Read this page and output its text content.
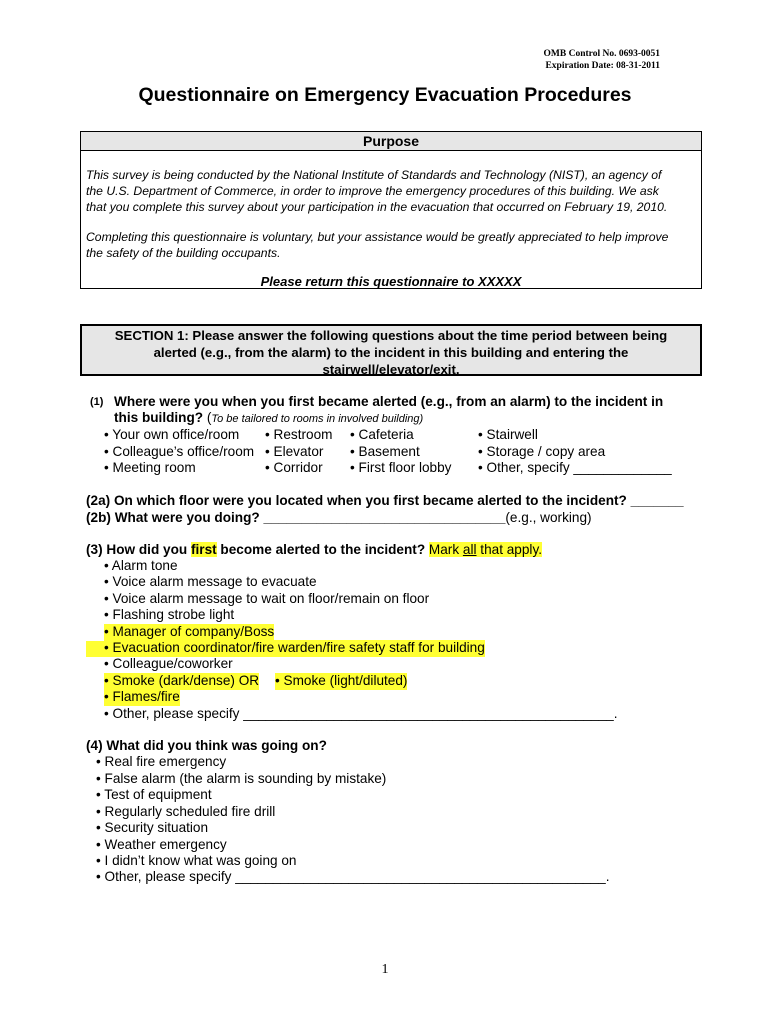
OMB Control No. 0693-0051
Expiration Date: 08-31-2011
Questionnaire on Emergency Evacuation Procedures
Purpose
This survey is being conducted by the National Institute of Standards and Technology (NIST), an agency of
the U.S. Department of Commerce, in order to improve the emergency procedures of this building. We ask
that you complete this survey about your participation in the evacuation that occurred on February 19, 2010.
Completing this questionnaire is voluntary, but your assistance would be greatly appreciated to help improve
the safety of the building occupants.
Please return this questionnaire to XXXXX
SECTION 1: Please answer the following questions about the time period between being
alerted (e.g., from the alarm) to the incident in this building and entering the
stairwell/elevator/exit.
(1) Where were you when you first became alerted (e.g., from an alarm) to the incident in
this building? (To be tailored to rooms in involved building)
• Your own office/room • Restroom • Cafeteria	• Stairwell
• Colleague’s office/room • Elevator • Basement	• Storage / copy area
• Meeting room	• Corridor • First floor lobby • Other, specify _____________
(2a) On which floor were you located when you first became alerted to the incident? _______
(2b) What were you doing? ________________________________(e.g., working)
(3) How did you first become alerted to the incident? Mark all that apply.
• Alarm tone
• Voice alarm message to evacuate
• Voice alarm message to wait on floor/remain on floor
• Flashing strobe light
• Manager of company/Boss
• Evacuation coordinator/fire warden/fire safety staff for building
• Colleague/coworker
• Smoke (dark/dense) OR • Smoke (light/diluted)
• Flames/fire
• Other, please specify _________________________________________________.
(4) What did you think was going on?
• Real fire emergency
• False alarm (the alarm is sounding by mistake)
• Test of equipment
• Regularly scheduled fire drill
• Security situation
• Weather emergency
• I didn’t know what was going on
• Other, please specify _________________________________________________.
1
